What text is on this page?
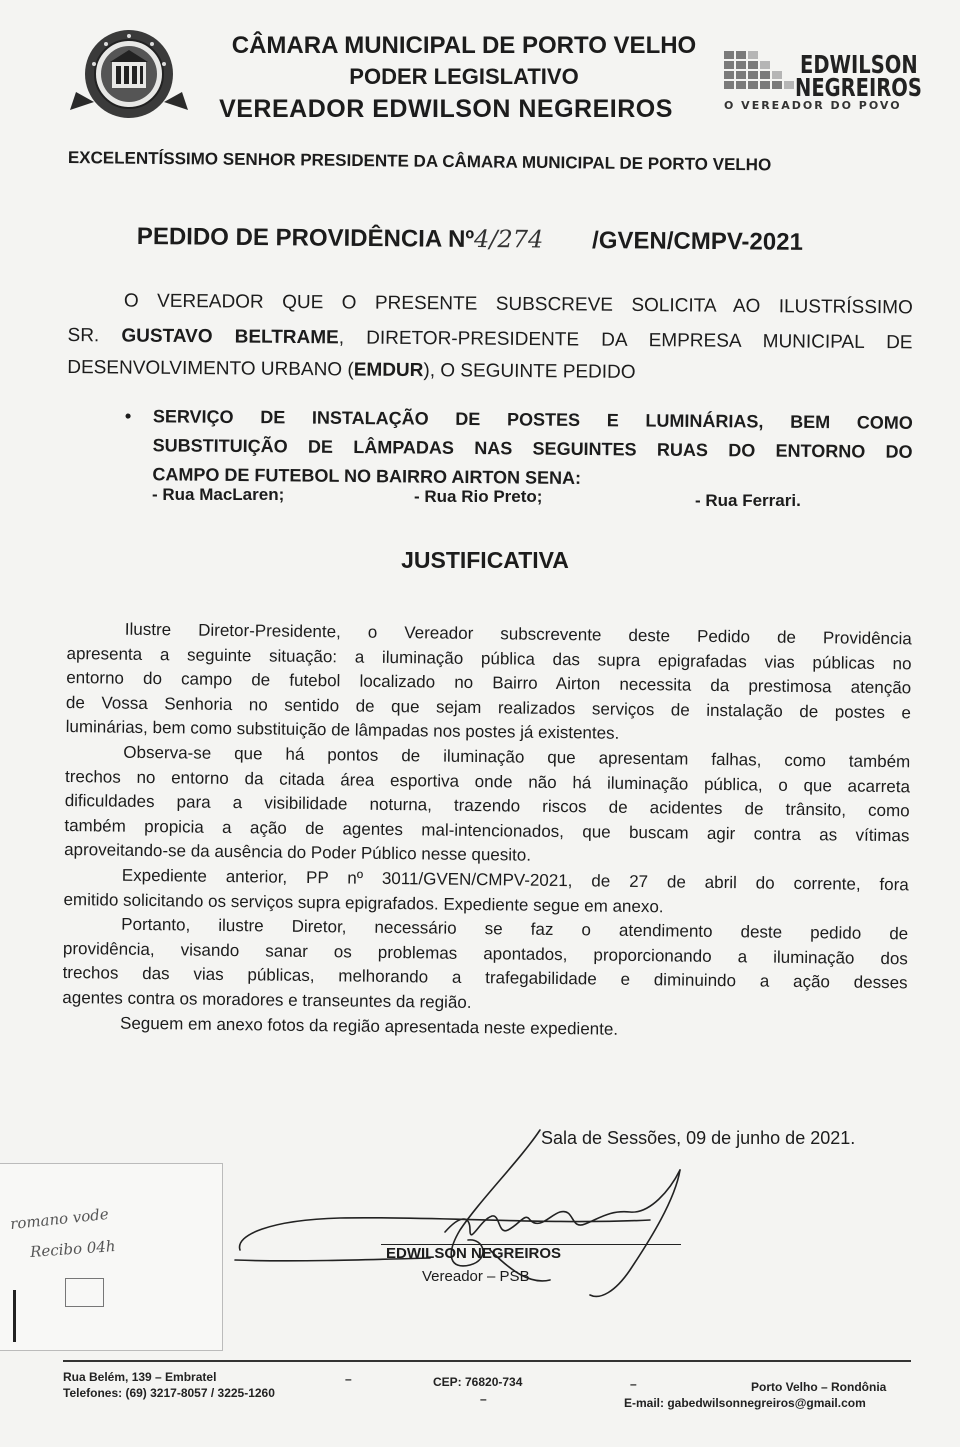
CÂMARA MUNICIPAL DE PORTO VELHO
PODER LEGISLATIVO
VEREADOR EDWILSON NEGREIROS
EDWILSON
NEGREIROS
O VEREADOR DO POVO
EXCELENTÍSSIMO SENHOR PRESIDENTE DA CÂMARA MUNICIPAL DE PORTO VELHO
PEDIDO DE PROVIDÊNCIA Nº4/274 /GVEN/CMPV-2021
O VEREADOR QUE O PRESENTE SUBSCREVE SOLICITA AO ILUSTRÍSSIMO
SR. GUSTAVO BELTRAME, DIRETOR-PRESIDENTE DA EMPRESA MUNICIPAL DE
DESENVOLVIMENTO URBANO (EMDUR), O SEGUINTE PEDIDO
• SERVIÇO DE INSTALAÇÃO DE POSTES E LUMINÁRIAS, BEM COMO
SUBSTITUIÇÃO DE LÂMPADAS NAS SEGUINTES RUAS DO ENTORNO DO
CAMPO DE FUTEBOL NO BAIRRO AIRTON SENA:
- Rua MacLaren;	- Rua Rio Preto;	- Rua Ferrari.
JUSTIFICATIVA
Ilustre Diretor-Presidente, o Vereador subscrevente deste Pedido de Providência
apresenta a seguinte situação: a iluminação pública das supra epigrafadas vias públicas no
entorno do campo de futebol localizado no Bairro Airton necessita da prestimosa atenção
de Vossa Senhoria no sentido de que sejam realizados serviços de instalação de postes e
luminárias, bem como substituição de lâmpadas nos postes já existentes.
Observa-se que há pontos de iluminação que apresentam falhas, como também
trechos no entorno da citada área esportiva onde não há iluminação pública, o que acarreta
dificuldades para a visibilidade noturna, trazendo riscos de acidentes de trânsito, como
também propicia a ação de agentes mal-intencionados, que buscam agir contra as vítimas
aproveitando-se da ausência do Poder Público nesse quesito.
Expediente anterior, PP nº 3011/GVEN/CMPV-2021, de 27 de abril do corrente, fora
emitido solicitando os serviços supra epigrafados. Expediente segue em anexo.
Portanto, ilustre Diretor, necessário se faz o atendimento deste pedido de
providência, visando sanar os problemas apontados, proporcionando a iluminação dos
trechos das vias públicas, melhorando a trafegabilidade e diminuindo a ação desses
agentes contra os moradores e transeuntes da região.
Seguem em anexo fotos da região apresentada neste expediente.
Sala de Sessões, 09 de junho de 2021.
EDWILSON NEGREIROS
Vereador – PSB
romano vode
Recibo 04h
Rua Belém, 139 – Embratel
Telefones: (69) 3217-8057 / 3225-1260
–	CEP: 76820-734
–
–	Porto Velho – Rondônia
E-mail: gabedwilsonnegreiros@gmail.com
